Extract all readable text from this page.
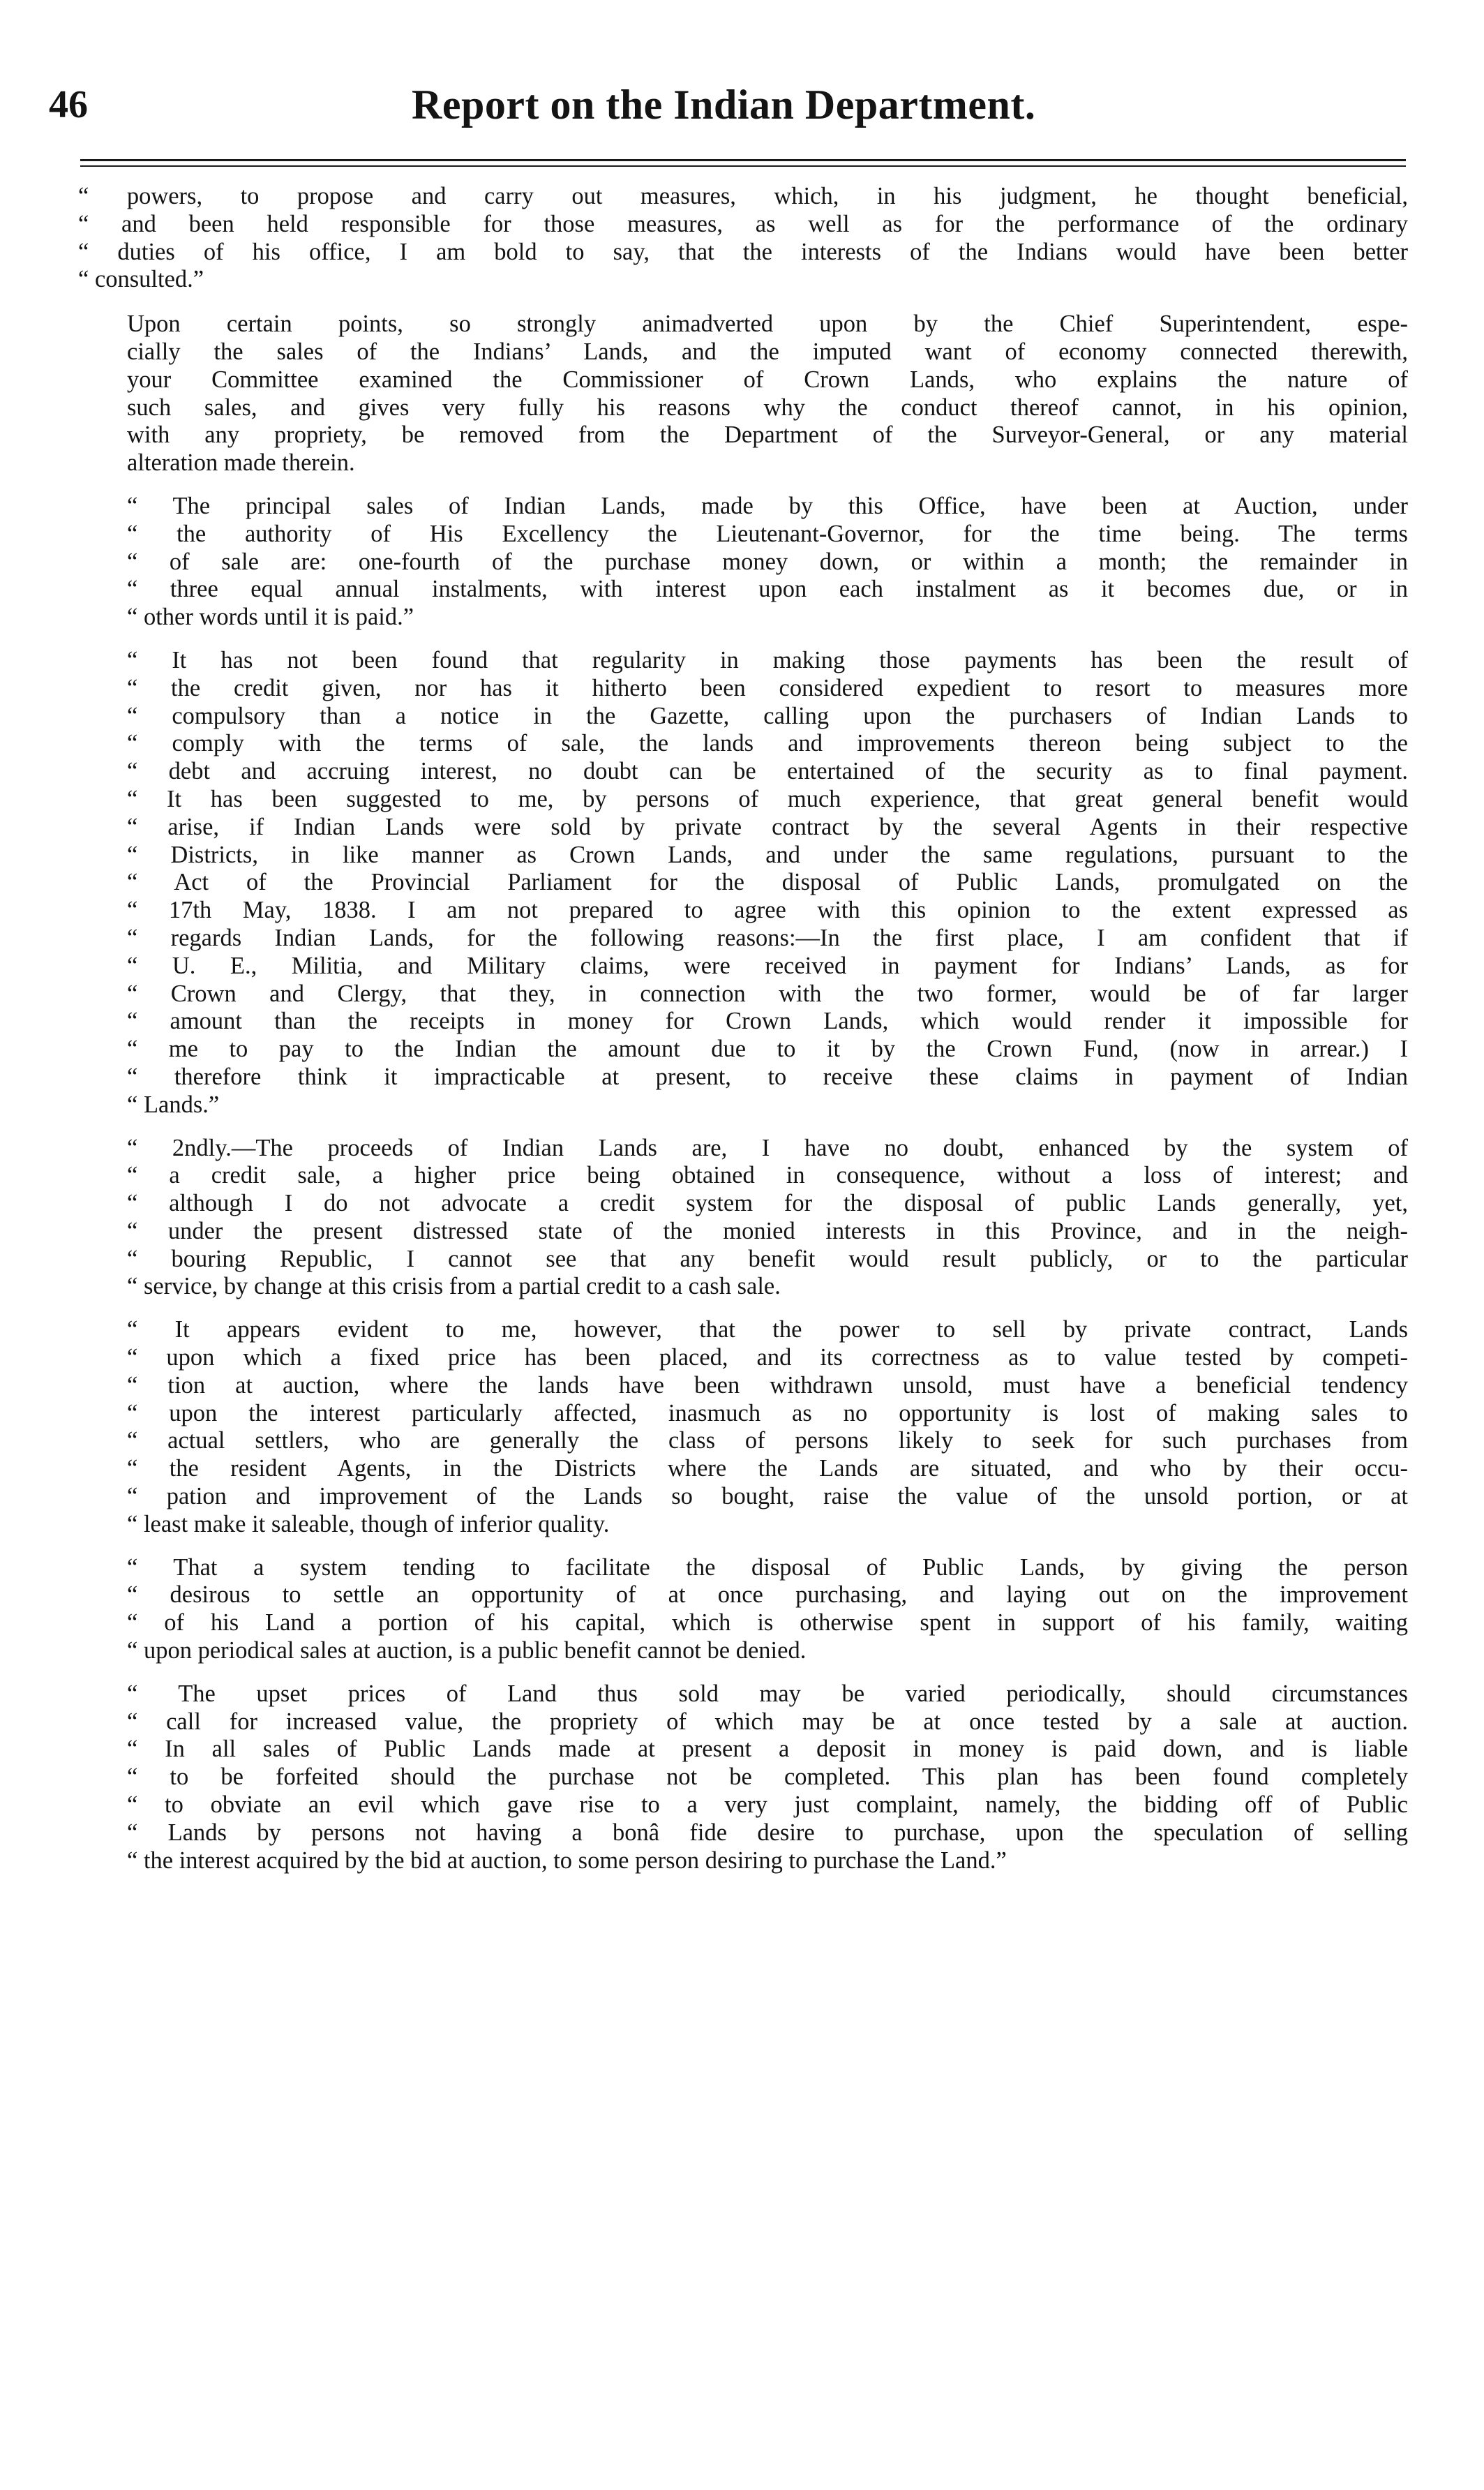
46	Report on the Indian Department.
“ powers, to propose and carry out measures, which, in his judgment, he thought beneficial,
“ and been held responsible for those measures, as well as for the performance of the ordinary
“ duties of his office, I am bold to say, that the interests of the Indians would have been better
“ consulted.”
Upon certain points, so strongly animadverted upon by the Chief Superintendent, espe-
cially the sales of the Indians’ Lands, and the imputed want of economy connected therewith,
your Committee examined the Commissioner of Crown Lands, who explains the nature of
such sales, and gives very fully his reasons why the conduct thereof cannot, in his opinion,
with any propriety, be removed from the Department of the Surveyor-General, or any material
alteration made therein.
“ The principal sales of Indian Lands, made by this Office, have been at Auction, under
“ the authority of His Excellency the Lieutenant-Governor, for the time being. The terms
“ of sale are: one-fourth of the purchase money down, or within a month; the remainder in
“ three equal annual instalments, with interest upon each instalment as it becomes due, or in
“ other words until it is paid.”
“ It has not been found that regularity in making those payments has been the result of
“ the credit given, nor has it hitherto been considered expedient to resort to measures more
“ compulsory than a notice in the Gazette, calling upon the purchasers of Indian Lands to
“ comply with the terms of sale, the lands and improvements thereon being subject to the
“ debt and accruing interest, no doubt can be entertained of the security as to final payment.
“ It has been suggested to me, by persons of much experience, that great general benefit would
“ arise, if Indian Lands were sold by private contract by the several Agents in their respective
“ Districts, in like manner as Crown Lands, and under the same regulations, pursuant to the
“ Act of the Provincial Parliament for the disposal of Public Lands, promulgated on the
“ 17th May, 1838. I am not prepared to agree with this opinion to the extent expressed as
“ regards Indian Lands, for the following reasons:—In the first place, I am confident that if
“ U. E., Militia, and Military claims, were received in payment for Indians’ Lands, as for
“ Crown and Clergy, that they, in connection with the two former, would be of far larger
“ amount than the receipts in money for Crown Lands, which would render it impossible for
“ me to pay to the Indian the amount due to it by the Crown Fund, (now in arrear.) I
“ therefore think it impracticable at present, to receive these claims in payment of Indian
“ Lands.”
“ 2ndly.—The proceeds of Indian Lands are, I have no doubt, enhanced by the system of
“ a credit sale, a higher price being obtained in consequence, without a loss of interest; and
“ although I do not advocate a credit system for the disposal of public Lands generally, yet,
“ under the present distressed state of the monied interests in this Province, and in the neigh-
“ bouring Republic, I cannot see that any benefit would result publicly, or to the particular
“ service, by change at this crisis from a partial credit to a cash sale.
“ It appears evident to me, however, that the power to sell by private contract, Lands
“ upon which a fixed price has been placed, and its correctness as to value tested by competi-
“ tion at auction, where the lands have been withdrawn unsold, must have a beneficial tendency
“ upon the interest particularly affected, inasmuch as no opportunity is lost of making sales to
“ actual settlers, who are generally the class of persons likely to seek for such purchases from
“ the resident Agents, in the Districts where the Lands are situated, and who by their occu-
“ pation and improvement of the Lands so bought, raise the value of the unsold portion, or at
“ least make it saleable, though of inferior quality.
“ That a system tending to facilitate the disposal of Public Lands, by giving the person
“ desirous to settle an opportunity of at once purchasing, and laying out on the improvement
“ of his Land a portion of his capital, which is otherwise spent in support of his family, waiting
“ upon periodical sales at auction, is a public benefit cannot be denied.
“ The upset prices of Land thus sold may be varied periodically, should circumstances
“ call for increased value, the propriety of which may be at once tested by a sale at auction.
“ In all sales of Public Lands made at present a deposit in money is paid down, and is liable
“ to be forfeited should the purchase not be completed. This plan has been found completely
“ to obviate an evil which gave rise to a very just complaint, namely, the bidding off of Public
“ Lands by persons not having a bonâ fide desire to purchase, upon the speculation of selling
“ the interest acquired by the bid at auction, to some person desiring to purchase the Land.”
